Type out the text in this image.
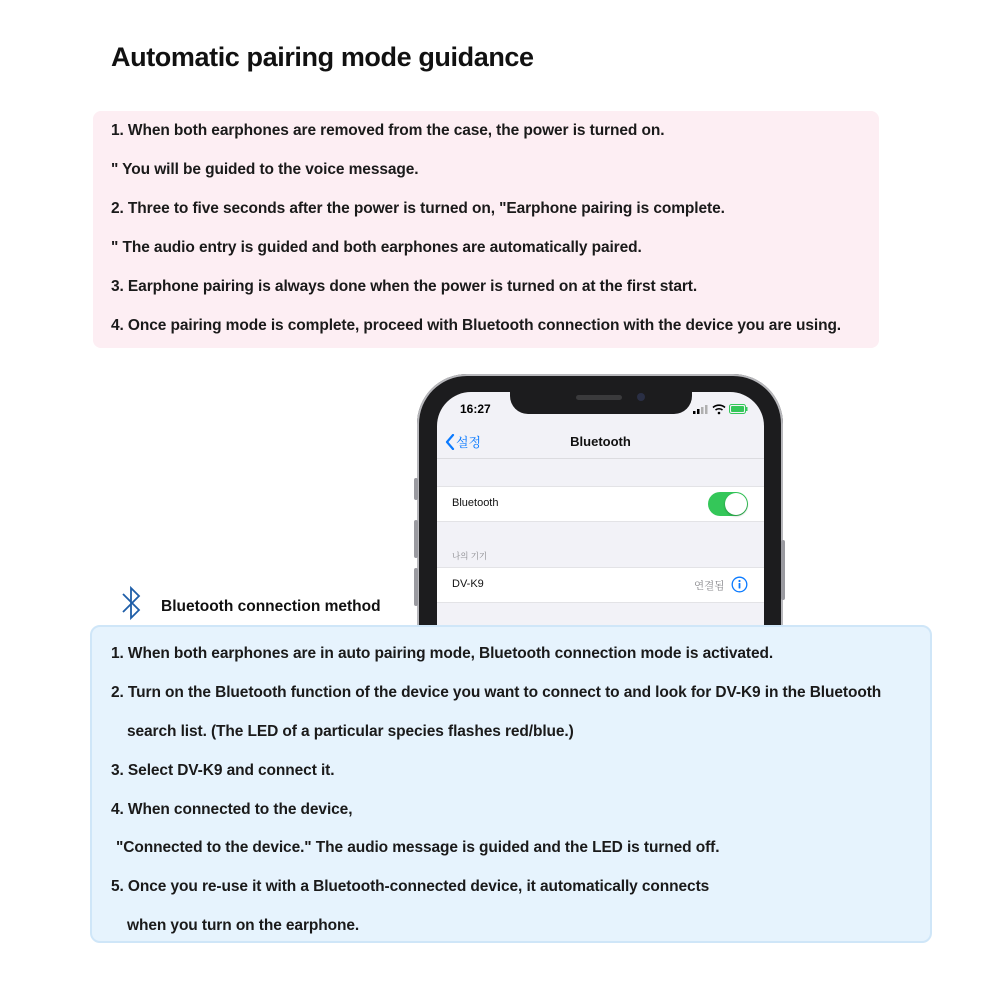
Automatic pairing mode guidance
1. When both earphones are removed from the case, the power is turned on.
" You will be guided to the voice message.
2. Three to five seconds after the power is turned on, "Earphone pairing is complete.
" The audio entry is guided and both earphones are automatically paired.
3. Earphone pairing is always done when the power is turned on at the first start.
4. Once pairing mode is complete, proceed with Bluetooth connection with the device you are using.
16:27
설정	Bluetooth
Bluetooth
나의 기기
DV-K9	연결됨
Bluetooth connection method
1. When both earphones are in auto pairing mode, Bluetooth connection mode is activated.
2. Turn on the Bluetooth function of the device you want to connect to and look for DV-K9 in the Bluetooth
search list. (The LED of a particular species flashes red/blue.)
3. Select DV-K9 and connect it.
4. When connected to the device,
"Connected to the device." The audio message is guided and the LED is turned off.
5. Once you re-use it with a Bluetooth-connected device, it automatically connects
when you turn on the earphone.
